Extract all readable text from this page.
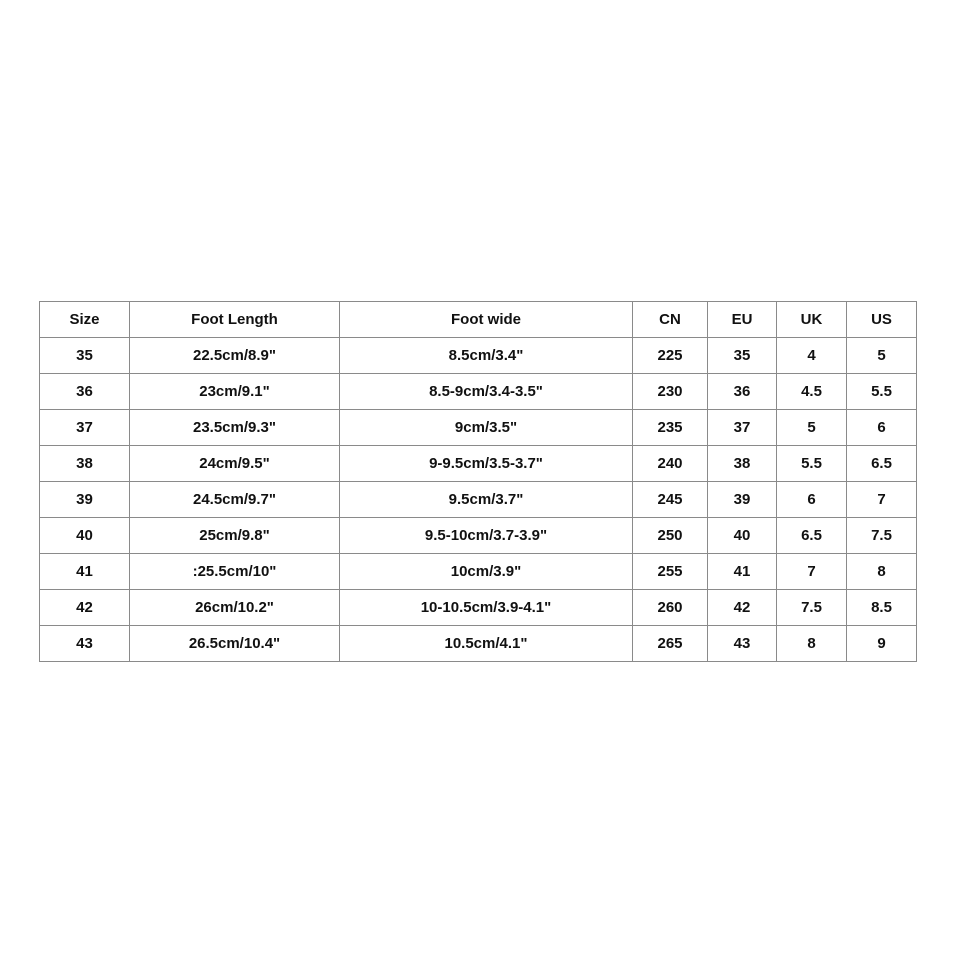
Size	Foot Length	Foot wide	CN	EU	UK	US
35	22.5cm/8.9"	8.5cm/3.4"	225	35	4	5
36	23cm/9.1"	8.5-9cm/3.4-3.5"	230	36	4.5	5.5
37	23.5cm/9.3"	9cm/3.5"	235	37	5	6
38	24cm/9.5"	9-9.5cm/3.5-3.7"	240	38	5.5	6.5
39	24.5cm/9.7"	9.5cm/3.7"	245	39	6	7
40	25cm/9.8"	9.5-10cm/3.7-3.9"	250	40	6.5	7.5
41	:25.5cm/10"	10cm/3.9"	255	41	7	8
42	26cm/10.2"	10-10.5cm/3.9-4.1"	260	42	7.5	8.5
43	26.5cm/10.4"	10.5cm/4.1"	265	43	8	9
